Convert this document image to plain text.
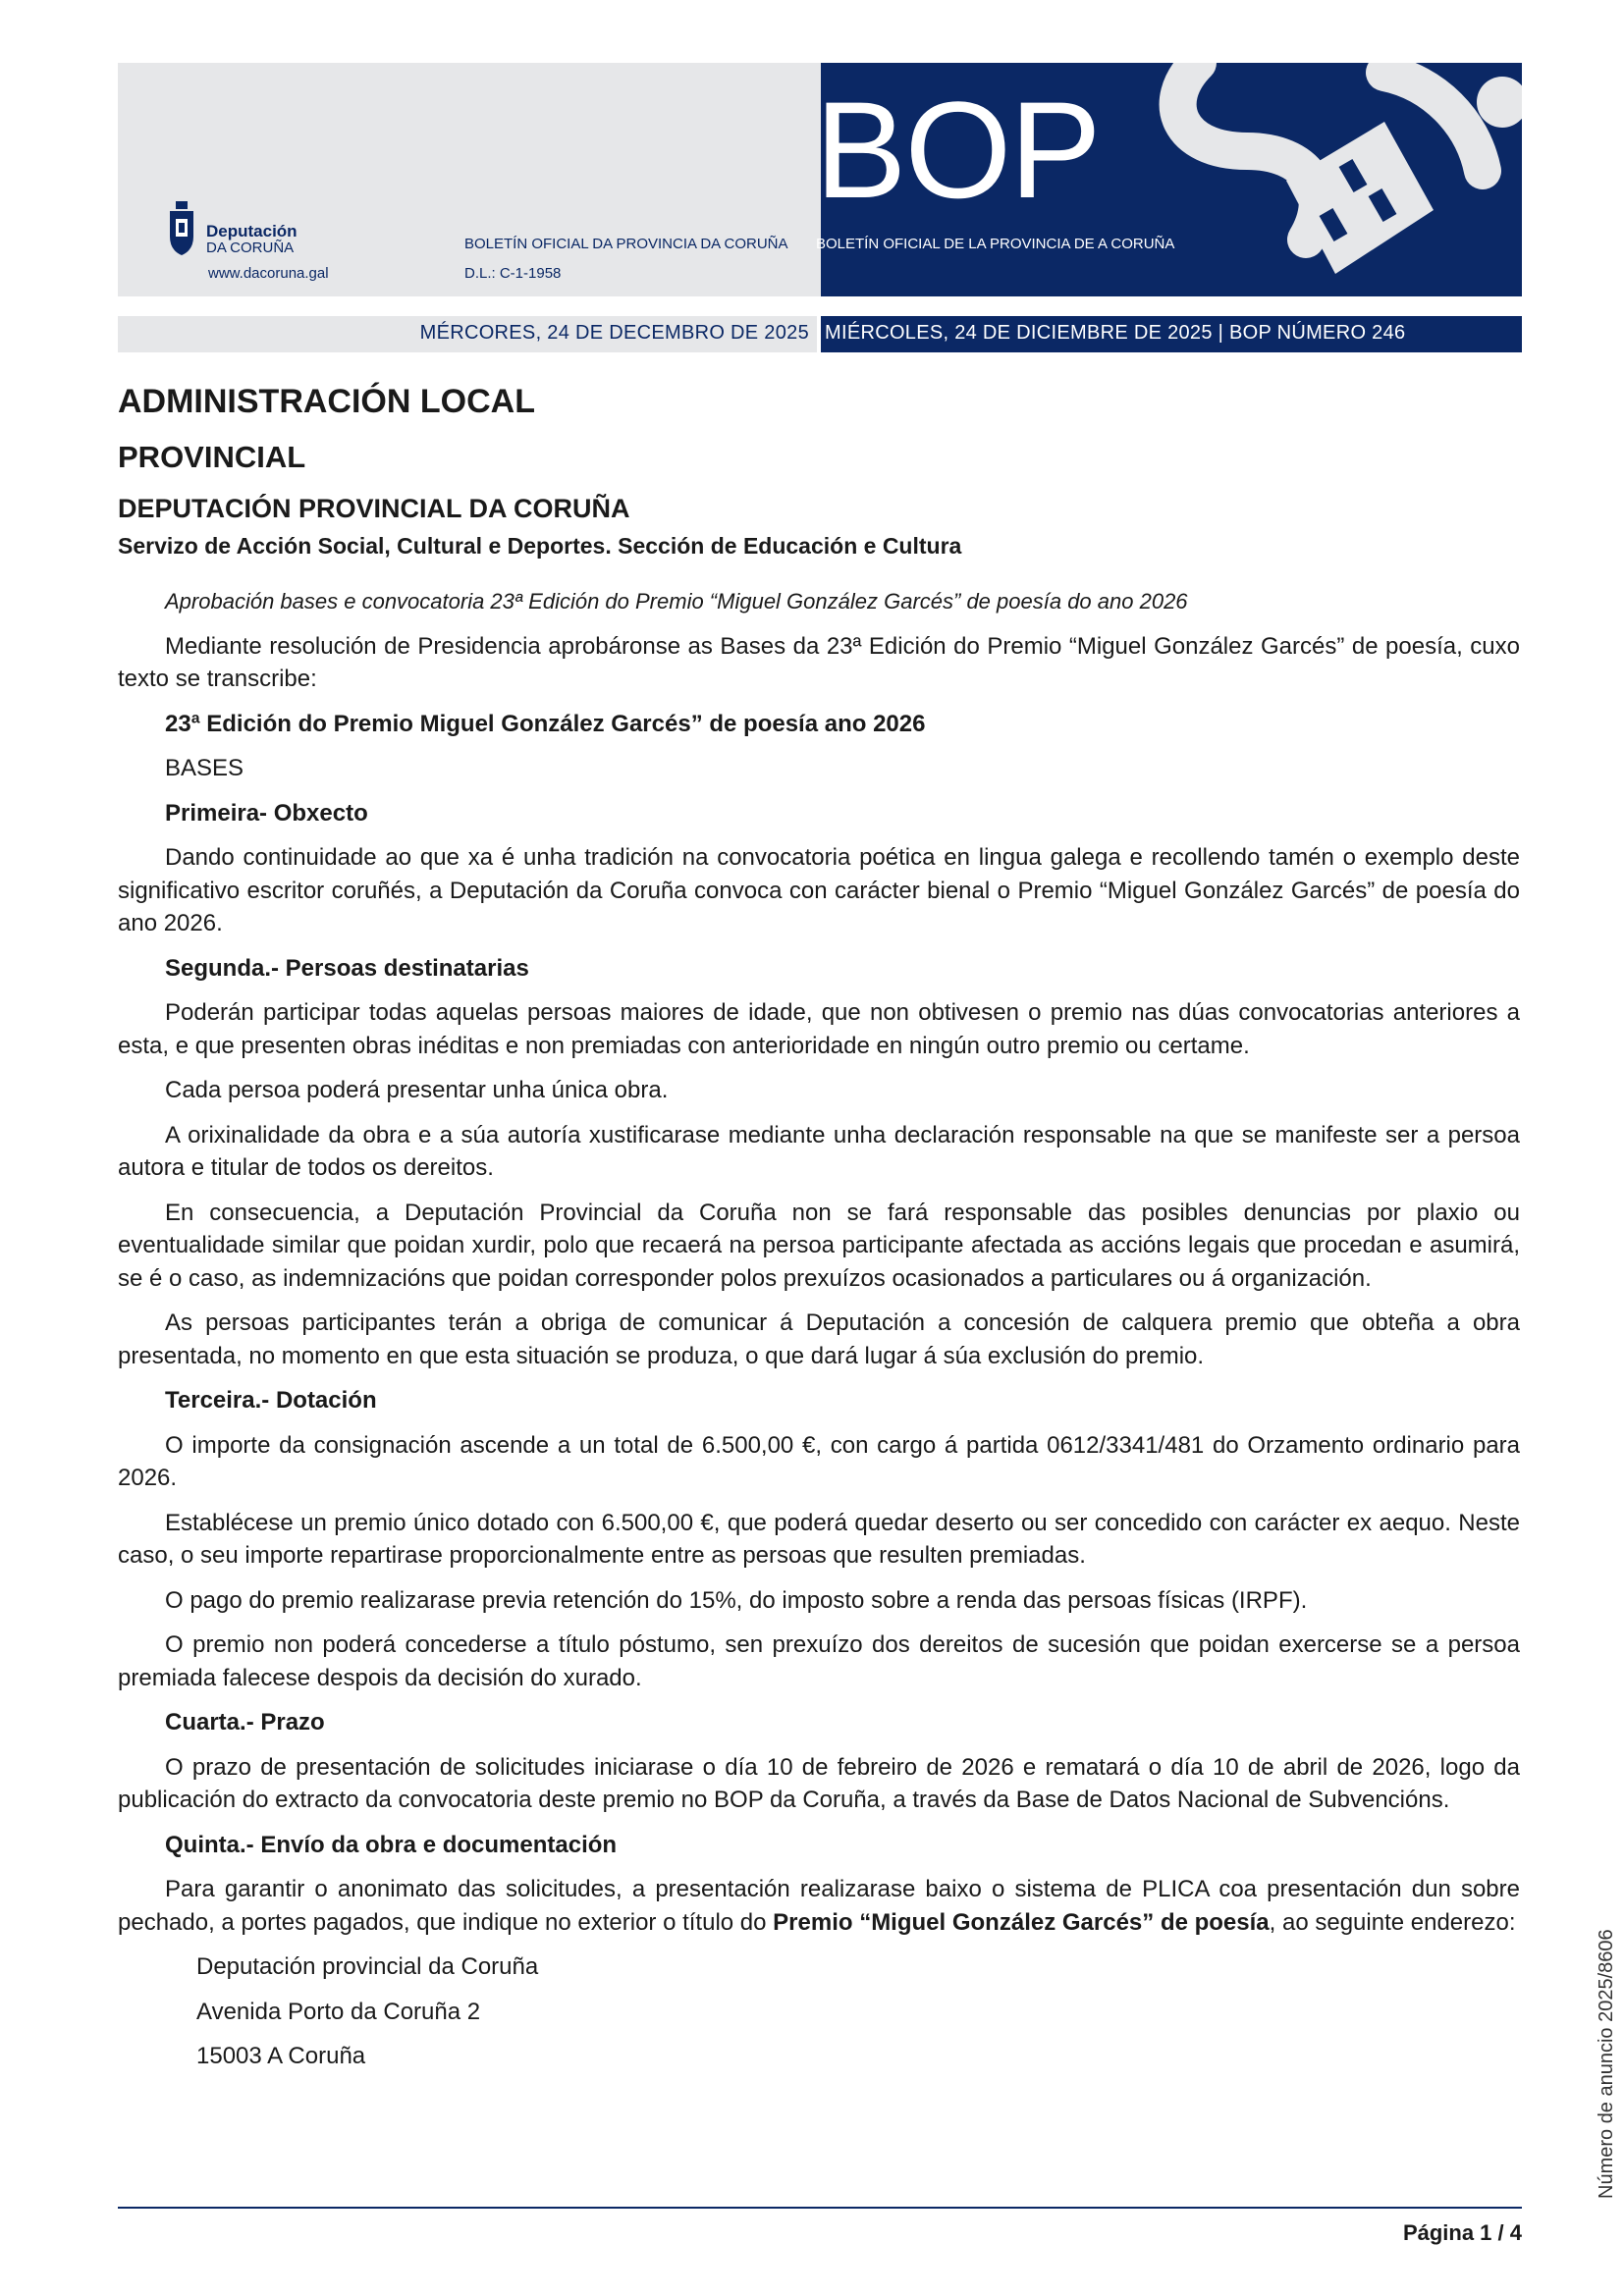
BOP
Deputación
DA CORUÑA
www.dacoruna.gal
BOLETÍN OFICIAL DA PROVINCIA DA CORUÑA BOLETÍN OFICIAL DE LA PROVINCIA DE A CORUÑA
D.L.: C-1-1958
MÉRCORES, 24 DE DECEMBRO DE 2025 MIÉRCOLES, 24 DE DICIEMBRE DE 2025 | BOP NÚMERO 246
ADMINISTRACIÓN LOCAL
PROVINCIAL
DEPUTACIÓN PROVINCIAL DA CORUÑA
Servizo de Acción Social, Cultural e Deportes. Sección de Educación e Cultura

Aprobación bases e convocatoria 23ª Edición do Premio “Miguel González Garcés” de poesía do ano 2026

Mediante resolución de Presidencia aprobáronse as Bases da 23ª Edición do Premio “Miguel González Garcés” de poesía, cuxo texto se transcribe:

23ª Edición do Premio Miguel González Garcés” de poesía ano 2026

BASES

Primeira- Obxecto

Dando continuidade ao que xa é unha tradición na convocatoria poética en lingua galega e recollendo tamén o exemplo deste significativo escritor coruñés, a Deputación da Coruña convoca con carácter bienal o Premio “Miguel González Garcés” de poesía do ano 2026.

Segunda.- Persoas destinatarias

Poderán participar todas aquelas persoas maiores de idade, que non obtivesen o premio nas dúas convocatorias anteriores a esta, e que presenten obras inéditas e non premiadas con anterioridade en ningún outro premio ou certame.

Cada persoa poderá presentar unha única obra.

A orixinalidade da obra e a súa autoría xustificarase mediante unha declaración responsable na que se manifeste ser a persoa autora e titular de todos os dereitos.

En consecuencia, a Deputación Provincial da Coruña non se fará responsable das posibles denuncias por plaxio ou eventualidade similar que poidan xurdir, polo que recaerá na persoa participante afectada as accións legais que procedan e asumirá, se é o caso, as indemnizacións que poidan corresponder polos prexuízos ocasionados a particulares ou á organización.

As persoas participantes terán a obriga de comunicar á Deputación a concesión de calquera premio que obteña a obra presentada, no momento en que esta situación se produza, o que dará lugar á súa exclusión do premio.

Terceira.- Dotación

O importe da consignación ascende a un total de 6.500,00 €, con cargo á partida 0612/3341/481 do Orzamento ordinario para 2026.

Establécese un premio único dotado con 6.500,00 €, que poderá quedar deserto ou ser concedido con carácter ex aequo. Neste caso, o seu importe repartirase proporcionalmente entre as persoas que resulten premiadas.

O pago do premio realizarase previa retención do 15%, do imposto sobre a renda das persoas físicas (IRPF).

O premio non poderá concederse a título póstumo, sen prexuízo dos dereitos de sucesión que poidan exercerse se a persoa premiada falecese despois da decisión do xurado.

Cuarta.- Prazo

O prazo de presentación de solicitudes iniciarase o día 10 de febreiro de 2026 e rematará o día 10 de abril de 2026, logo da publicación do extracto da convocatoria deste premio no BOP da Coruña, a través da Base de Datos Nacional de Subvencións.

Quinta.- Envío da obra e documentación

Para garantir o anonimato das solicitudes, a presentación realizarase baixo o sistema de PLICA coa presentación dun sobre pechado, a portes pagados, que indique no exterior o título do Premio “Miguel González Garcés” de poesía, ao seguinte enderezo:

Deputación provincial da Coruña

Avenida Porto da Coruña 2

15003 A Coruña

Página 1 / 4
Número de anuncio 2025/8606
